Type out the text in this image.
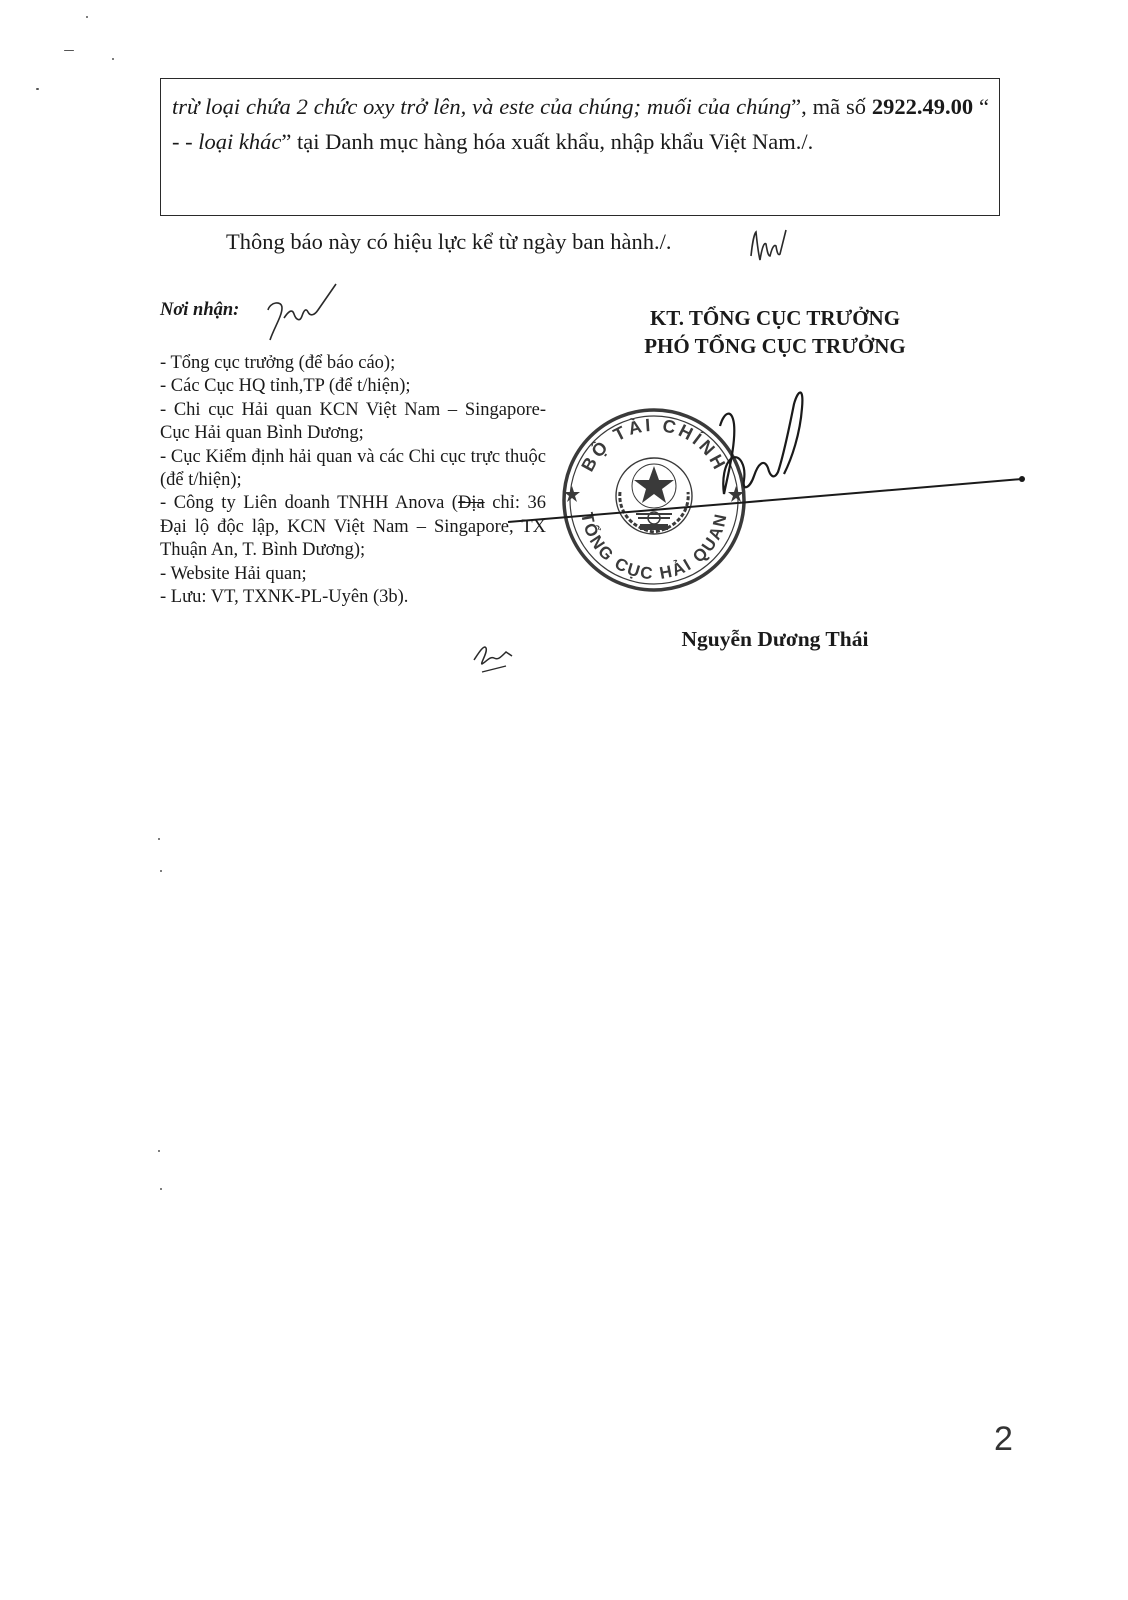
trừ loại chứa 2 chức oxy trở lên, và este của chúng; muối của chúng”, mã số 2922.49.00 “ - - loại khác” tại Danh mục hàng hóa xuất khẩu, nhập khẩu Việt Nam./.
Thông báo này có hiệu lực kể từ ngày ban hành./.
Nơi nhận:
- Tổng cục trưởng (để báo cáo);
- Các Cục HQ tỉnh,TP (để t/hiện);
- Chi cục Hải quan KCN Việt Nam – Singapore- Cục Hải quan Bình Dương;
- Cục Kiểm định hải quan và các Chi cục trực thuộc (để t/hiện);
- Công ty Liên doanh TNHH Anova (Địa chỉ: 36 Đại lộ độc lập, KCN Việt Nam – Singapore, TX Thuận An, T. Bình Dương);
- Website Hải quan;
- Lưu: VT, TXNK-PL-Uyên (3b).
KT. TỔNG CỤC TRƯỞNG
PHÓ TỔNG CỤC TRƯỞNG
BỘ TÀI CHÍNH
TỔNG CỤC HẢI QUAN
Nguyễn Dương Thái
2
